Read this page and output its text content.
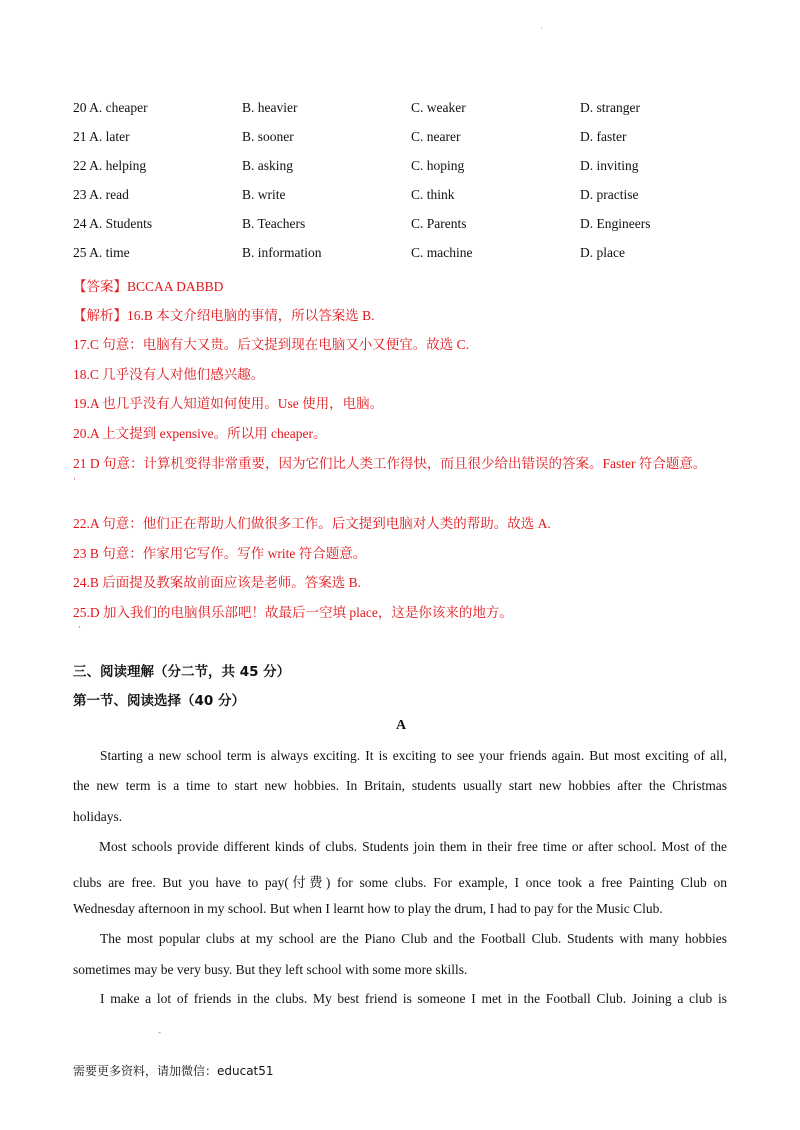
'
20 A. cheaper	B. heavier	C. weaker	D. stranger
21 A. later	B. sooner	C. nearer	D. faster
22 A. helping	B. asking	C. hoping	D. inviting
23 A. read	B. write	C. think	D. practise
24 A. Students	B. Teachers	C. Parents	D. Engineers
25 A. time	B. information	C. machine	D. place
【答案】BCCAA DABBD
【解析】16.B 本文介绍电脑的事情，所以答案选 B.
17.C 句意：电脑有大又贵。后文提到现在电脑又小又便宜。故选 C.
18.C 几乎没有人对他们感兴趣。
19.A 也几乎没有人知道如何使用。Use 使用，电脑。
20.A 上文提到 expensive。所以用 cheaper。
21 D 句意：计算机变得非常重要，因为它们比人类工作得快，而且很少给出错误的答案。Faster 符合题意。
·
22.A 句意：他们正在帮助人们做很多工作。后文提到电脑对人类的帮助。故选 A.
23 B 句意：作家用它写作。写作 write 符合题意。
24.B 后面提及教案故前面应该是老师。答案选 B.
25.D 加入我们的电脑俱乐部吧！故最后一空填 place，这是你该来的地方。
·
三、阅读理解（分二节，共 45 分）
第一节、阅读选择（40 分）
A
Starting a new school term is always exciting. It is exciting to see your friends again. But most exciting of all,
the new term is a time to start new hobbies. In Britain, students usually start new hobbies after the Christmas
holidays.
Most schools provide different kinds of clubs. Students join them in their free time or after school. Most of the
clubs are free. But you have to pay(付费) for some clubs. For example, I once took a free Painting Club on
Wednesday afternoon in my school. But when I learnt how to play the drum, I had to pay for the Music Club.
The most popular clubs at my school are the Piano Club and the Football Club. Students with many hobbies
sometimes may be very busy. But they left school with some more skills.
I make a lot of friends in the clubs. My best friend is someone I met in the Football Club. Joining a club is
-
需要更多资料，请加微信：educat51
